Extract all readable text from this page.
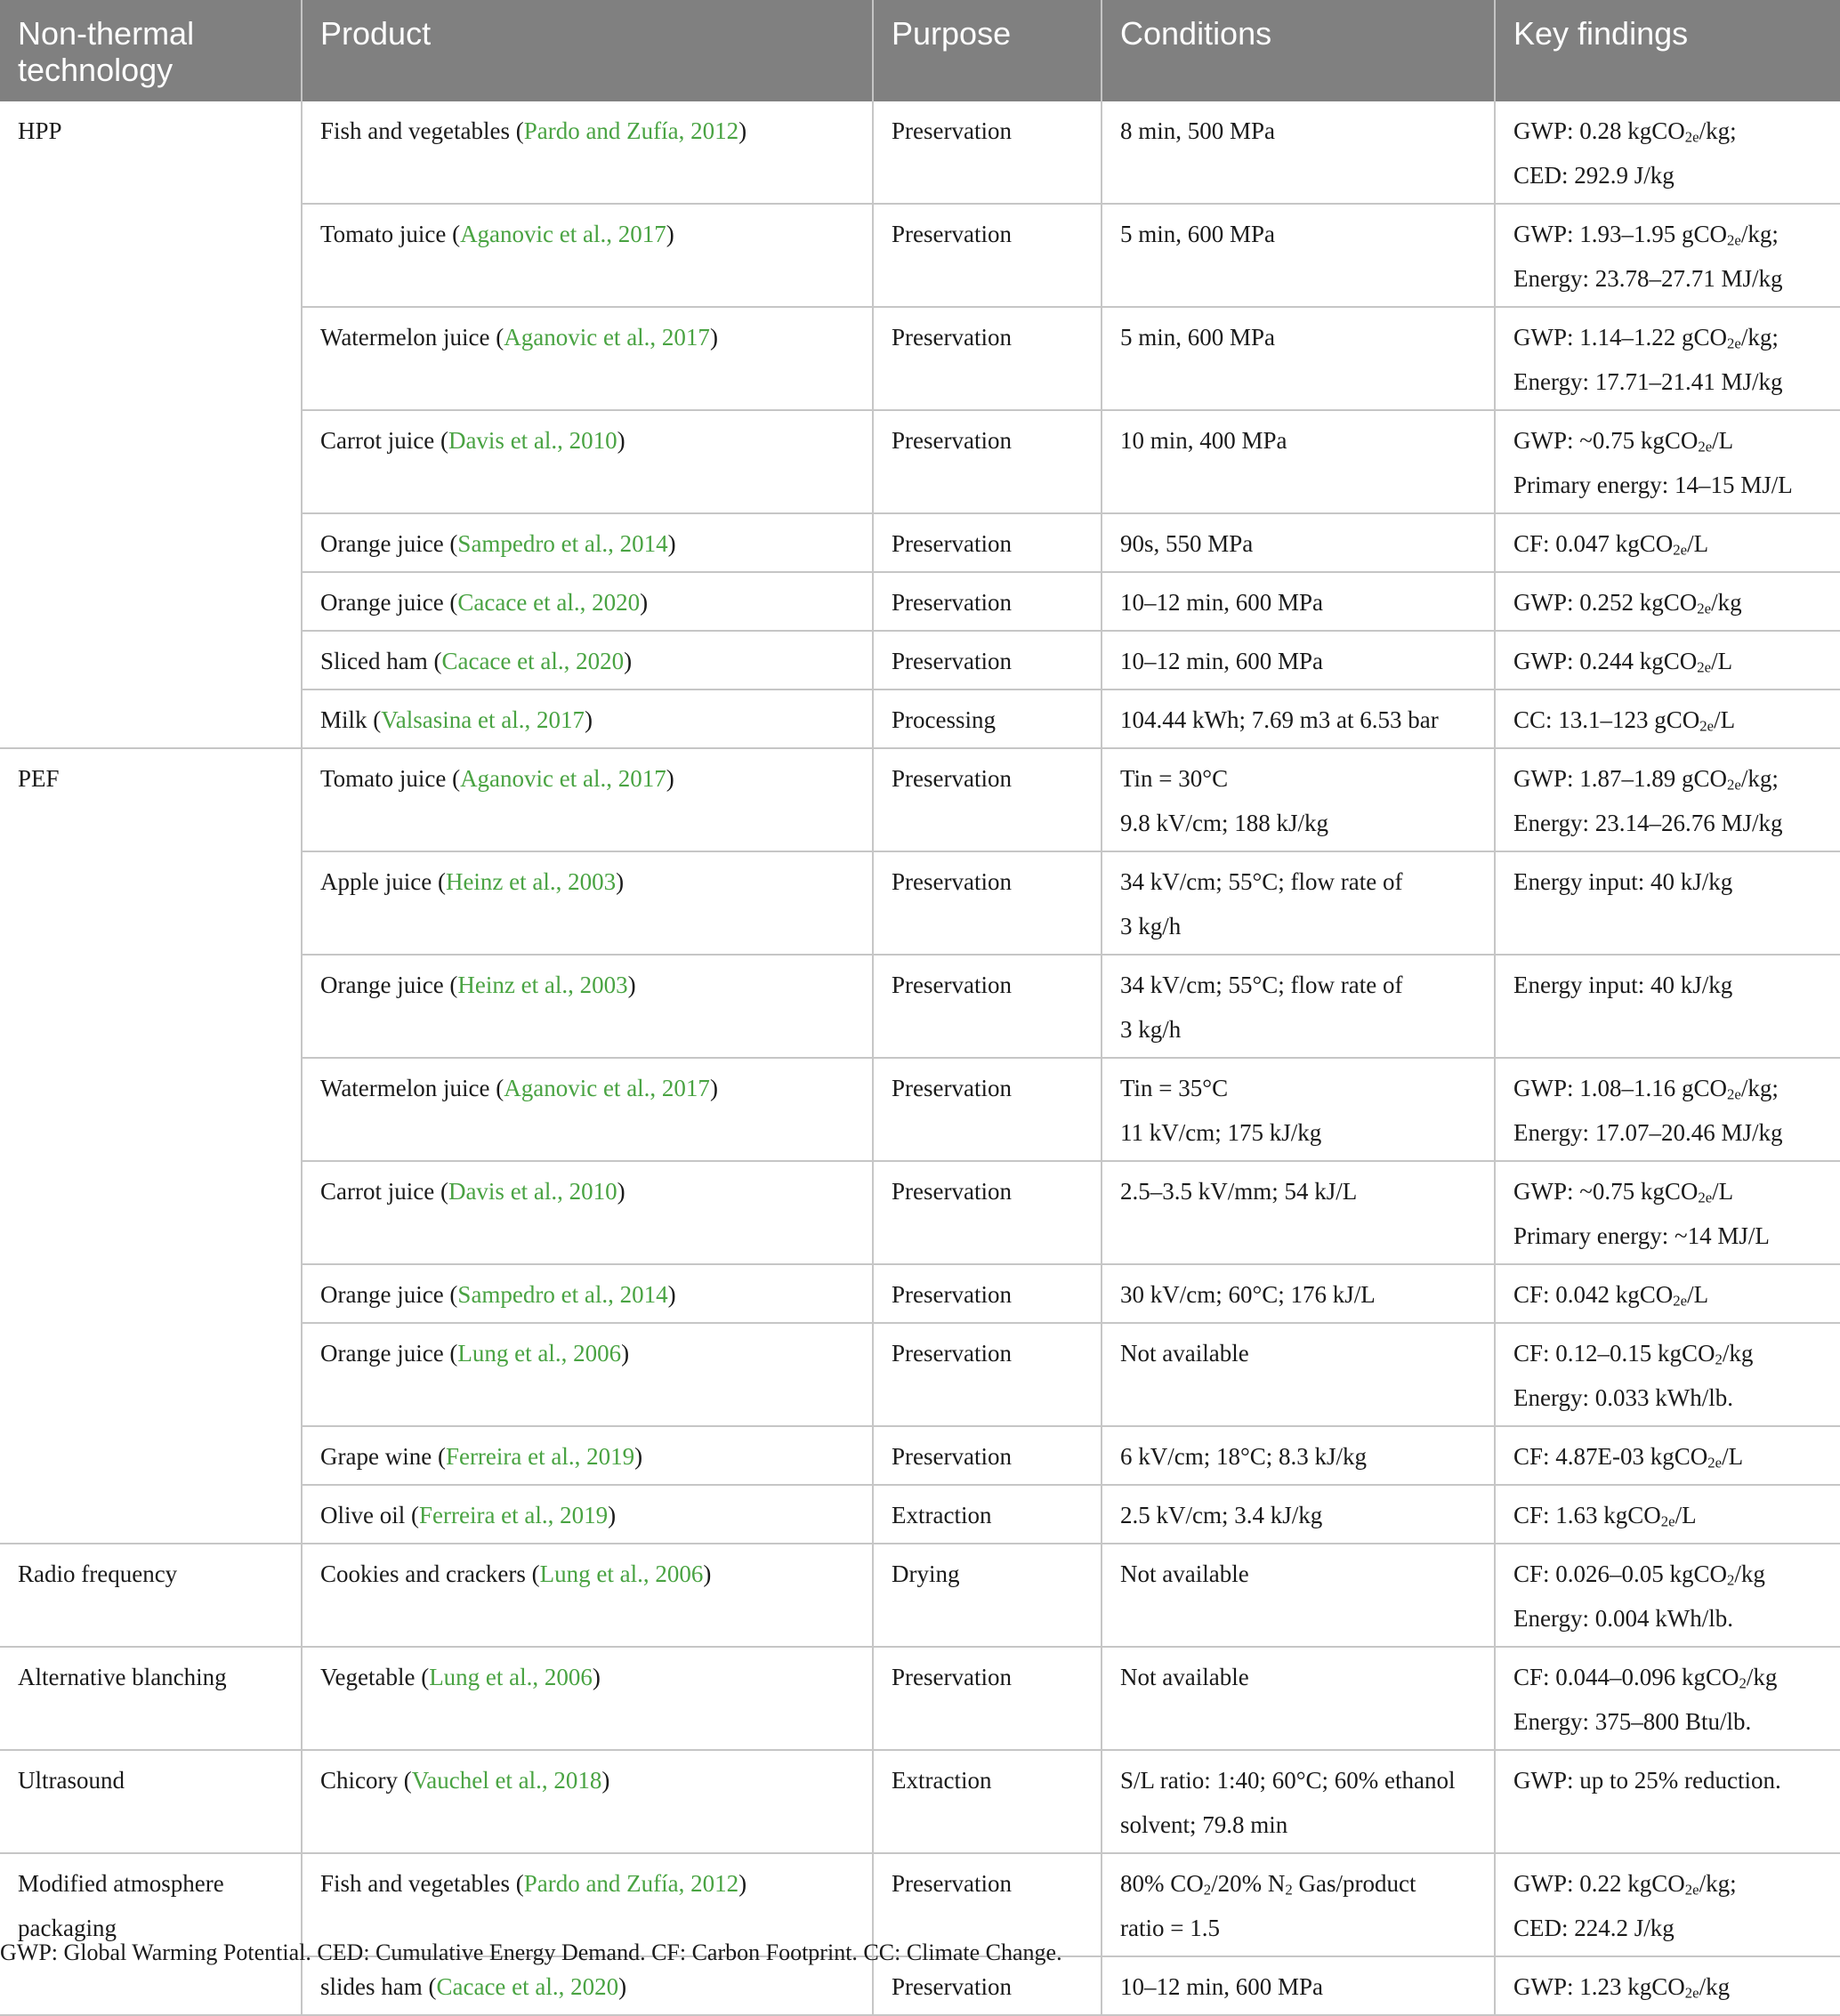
Non-thermal technology	Product	Purpose	Conditions	Key findings
HPP	Fish and vegetables (Pardo and Zufía, 2012)	Preservation	8 min, 500 MPa	GWP: 0.28 kgCO$_{2e}$/kg;
CED: 292.9 J/kg

	Tomato juice (Aganovic et al., 2017)	Preservation	5 min, 600 MPa	GWP: 1.93–1.95 gCO$_{2e}$/kg;
Energy: 23.78–27.71 MJ/kg

	Watermelon juice (Aganovic et al., 2017)	Preservation	5 min, 600 MPa	GWP: 1.14–1.22 gCO$_{2e}$/kg;
Energy: 17.71–21.41 MJ/kg

	Carrot juice (Davis et al., 2010)	Preservation	10 min, 400 MPa	GWP: ~0.75 kgCO$_{2e}$/L
Primary energy: 14–15 MJ/L

	Orange juice (Sampedro et al., 2014)	Preservation	90s, 550 MPa	CF: 0.047 kgCO$_{2e}$/L

	Orange juice (Cacace et al., 2020)	Preservation	10–12 min, 600 MPa	GWP: 0.252 kgCO$_{2e}$/kg

	Sliced ham (Cacace et al., 2020)	Preservation	10–12 min, 600 MPa	GWP: 0.244 kgCO$_{2e}$/L

	Milk (Valsasina et al., 2017)	Processing	104.44 kWh; 7.69 m3 at 6.53 bar	CC: 13.1–123 gCO$_{2e}$/L

PEF	Tomato juice (Aganovic et al., 2017)	Preservation	Tin = 30°C
9.8 kV/cm; 188 kJ/kg	GWP: 1.87–1.89 gCO$_{2e}$/kg;
Energy: 23.14–26.76 MJ/kg

	Apple juice (Heinz et al., 2003)	Preservation	34 kV/cm; 55°C; flow rate of
3 kg/h	Energy input: 40 kJ/kg

	Orange juice (Heinz et al., 2003)	Preservation	34 kV/cm; 55°C; flow rate of
3 kg/h	Energy input: 40 kJ/kg

	Watermelon juice (Aganovic et al., 2017)	Preservation	Tin = 35°C
11 kV/cm; 175 kJ/kg	GWP: 1.08–1.16 gCO$_{2e}$/kg;
Energy: 17.07–20.46 MJ/kg

	Carrot juice (Davis et al., 2010)	Preservation	2.5–3.5 kV/mm; 54 kJ/L	GWP: ~0.75 kgCO$_{2e}$/L
Primary energy: ~14 MJ/L

	Orange juice (Sampedro et al., 2014)	Preservation	30 kV/cm; 60°C; 176 kJ/L	CF: 0.042 kgCO$_{2e}$/L

	Orange juice (Lung et al., 2006)	Preservation	Not available	CF: 0.12–0.15 kgCO$_2$/kg
Energy: 0.033 kWh/lb.

	Grape wine (Ferreira et al., 2019)	Preservation	6 kV/cm; 18°C; 8.3 kJ/kg	CF: 4.87E-03 kgCO$_{2e}$/L

	Olive oil (Ferreira et al., 2019)	Extraction	2.5 kV/cm; 3.4 kJ/kg	CF: 1.63 kgCO$_{2e}$/L

Radio frequency	Cookies and crackers (Lung et al., 2006)	Drying	Not available	CF: 0.026–0.05 kgCO$_2$/kg
Energy: 0.004 kWh/lb.

Alternative blanching	Vegetable (Lung et al., 2006)	Preservation	Not available	CF: 0.044–0.096 kgCO$_2$/kg
Energy: 375–800 Btu/lb.

Ultrasound	Chicory (Vauchel et al., 2018)	Extraction	S/L ratio: 1:40; 60°C; 60% ethanol
solvent; 79.8 min	GWP: up to 25% reduction.

Modified atmosphere packaging	Fish and vegetables (Pardo and Zufía, 2012)	Preservation	80% $CO_2/20\%$ $N_2$ Gas/product
ratio = 1.5	GWP: 0.22 kgCO$_{2e}$/kg;
CED: 224.2 J/kg

	slides ham (Cacace et al., 2020)	Preservation	10–12 min, 600 MPa	GWP: 1.23 kgCO$_{2e}$/kg

GWP: Global Warming Potential. CED: Cumulative Energy Demand. CF: Carbon Footprint. CC: Climate Change.
